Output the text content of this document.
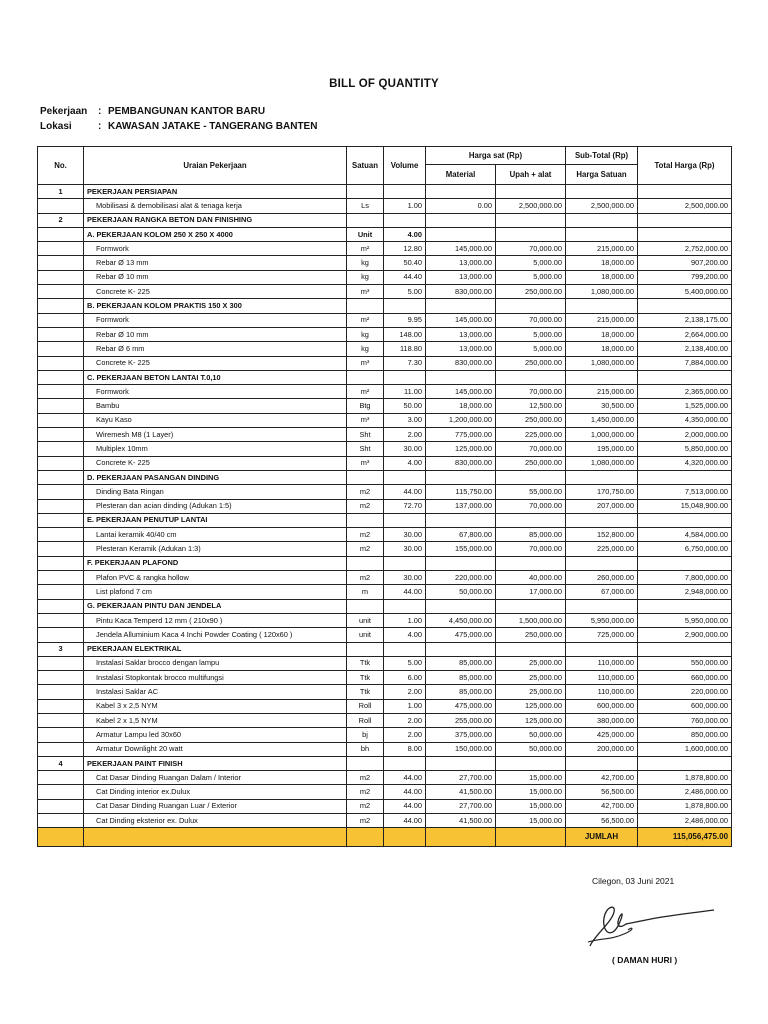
BILL OF QUANTITY
Pekerjaan : PEMBANGUNAN KANTOR BARU
Lokasi	: KAWASAN JATAKE - TANGERANG BANTEN
No.	Uraian Pekerjaan	Satuan	Volume	Harga sat (Rp)		Sub-Total (Rp)	Total Harga (Rp)
				Material	Upah + alat	Harga Satuan	
1	PEKERJAAN PERSIAPAN						
	Mobilisasi & demobilisasi alat & tenaga kerja	Ls	1.00	0.00	2,500,000.00	2,500,000.00	2,500,000.00
2	PEKERJAAN RANGKA BETON DAN FINISHING						
	A. PEKERJAAN KOLOM 250 X 250 X 4000	Unit	4.00				
	Formwork	m²	12.80	145,000.00	70,000.00	215,000.00	2,752,000.00
	Rebar Ø 13 mm	kg	50.40	13,000.00	5,000.00	18,000.00	907,200.00
	Rebar Ø 10 mm	kg	44.40	13,000.00	5,000.00	18,000.00	799,200.00
	Concrete K- 225	m³	5.00	830,000.00	250,000.00	1,080,000.00	5,400,000.00
	B. PEKERJAAN KOLOM PRAKTIS 150 X 300						
	Formwork	m²	9.95	145,000.00	70,000.00	215,000.00	2,138,175.00
	Rebar Ø 10 mm	kg	148.00	13,000.00	5,000.00	18,000.00	2,664,000.00
	Rebar Ø 6 mm	kg	118.80	13,000.00	5,000.00	18,000.00	2,138,400.00
	Concrete K- 225	m³	7.30	830,000.00	250,000.00	1,080,000.00	7,884,000.00
	C. PEKERJAAN BETON LANTAI T.0,10						
	Formwork	m²	11.00	145,000.00	70,000.00	215,000.00	2,365,000.00
	Bambu	Btg	50.00	18,000.00	12,500.00	30,500.00	1,525,000.00
	Kayu Kaso	m³	3.00	1,200,000.00	250,000.00	1,450,000.00	4,350,000.00
	Wiremesh M8 (1 Layer)	Sht	2.00	775,000.00	225,000.00	1,000,000.00	2,000,000.00
	Multiplex 10mm	Sht	30.00	125,000.00	70,000.00	195,000.00	5,850,000.00
	Concrete K- 225	m³	4.00	830,000.00	250,000.00	1,080,000.00	4,320,000.00
	D. PEKERJAAN PASANGAN DINDING						
	Dinding Bata Ringan	m2	44.00	115,750.00	55,000.00	170,750.00	7,513,000.00
	Plesteran dan acian dinding (Adukan 1:5)	m2	72.70	137,000.00	70,000.00	207,000.00	15,048,900.00
	E. PEKERJAAN PENUTUP LANTAI						
	Lantai keramik 40/40 cm	m2	30.00	67,800.00	85,000.00	152,800.00	4,584,000.00
	Plesteran Keramik (Adukan 1:3)	m2	30.00	155,000.00	70,000.00	225,000.00	6,750,000.00
	F. PEKERJAAN PLAFOND						
	Plafon PVC & rangka hollow	m2	30.00	220,000.00	40,000.00	260,000.00	7,800,000.00
	List plafond 7 cm	m	44.00	50,000.00	17,000.00	67,000.00	2,948,000.00
	G. PEKERJAAN PINTU DAN JENDELA						
	Pintu Kaca Temperd 12 mm ( 210x90 )	unit	1.00	4,450,000.00	1,500,000.00	5,950,000.00	5,950,000.00
	Jendela Alluminium Kaca 4 Inchi Powder Coating ( 120x60 )	unit	4.00	475,000.00	250,000.00	725,000.00	2,900,000.00
3	PEKERJAAN ELEKTRIKAL						
	Instalasi Saklar brocco dengan lampu	Ttk	5.00	85,000.00	25,000.00	110,000.00	550,000.00
	Instalasi Stopkontak brocco multifungsi	Ttk	6.00	85,000.00	25,000.00	110,000.00	660,000.00
	Instalasi Saklar AC	Ttk	2.00	85,000.00	25,000.00	110,000.00	220,000.00
	Kabel 3 x 2,5 NYM	Roll	1.00	475,000.00	125,000.00	600,000.00	600,000.00
	Kabel 2 x 1,5 NYM	Roll	2.00	255,000.00	125,000.00	380,000.00	760,000.00
	Armatur Lampu led 30x60	bj	2.00	375,000.00	50,000.00	425,000.00	850,000.00
	Armatur Downlight 20 watt	bh	8.00	150,000.00	50,000.00	200,000.00	1,600,000.00
4	PEKERJAAN PAINT FINISH						
	Cat Dasar Dinding Ruangan Dalam / Interior	m2	44.00	27,700.00	15,000.00	42,700.00	1,878,800.00
	Cat Dinding interior ex.Dulux	m2	44.00	41,500.00	15,000.00	56,500.00	2,486,000.00
	Cat Dasar Dinding Ruangan Luar / Exterior	m2	44.00	27,700.00	15,000.00	42,700.00	1,878,800.00
	Cat Dinding eksterior ex. Dulux	m2	44.00	41,500.00	15,000.00	56,500.00	2,486,000.00
						JUMLAH	115,056,475.00
Cilegon, 03 Juni 2021
( DAMAN HURI )
